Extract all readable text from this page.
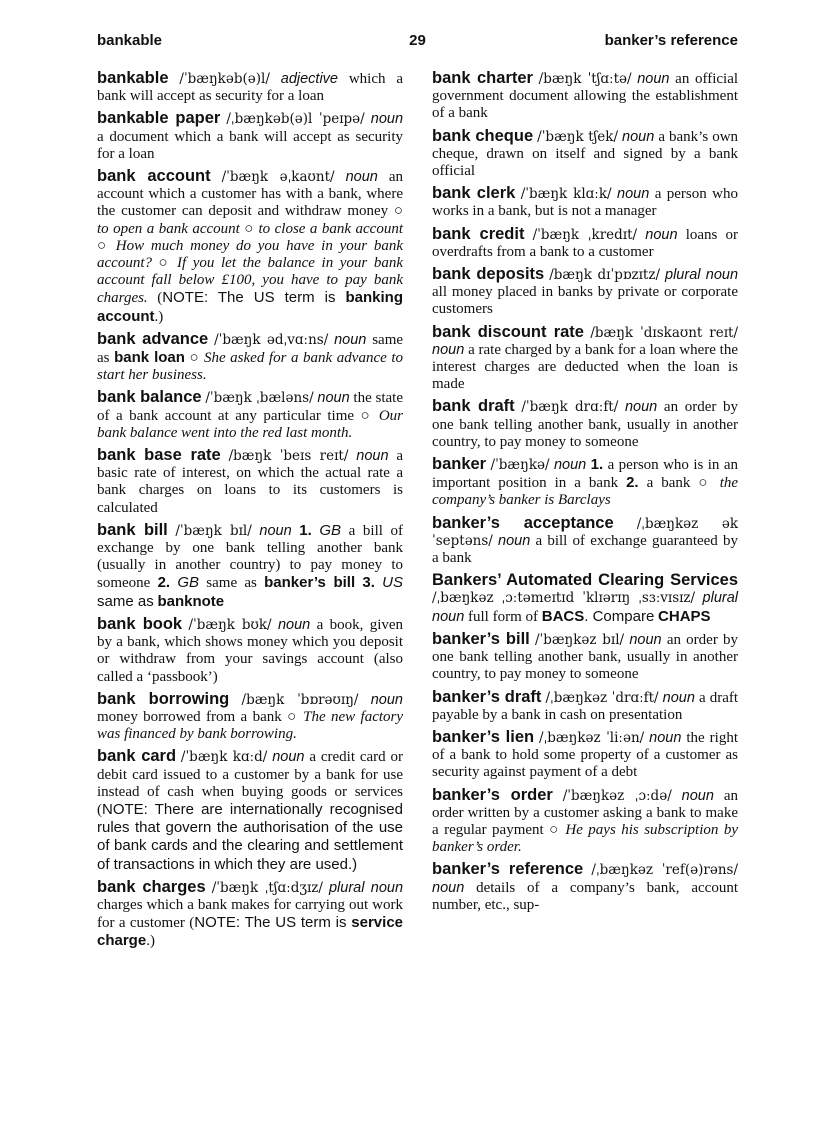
29
bankable	banker’s reference

bankable /ˈbæŋkəb(ə)l/ adjective which a bank will accept as security for a loan

bankable paper /ˌbæŋkəb(ə)l ˈpeɪpə/ noun a document which a bank will accept as security for a loan

bank account /ˈbæŋk əˌkaʊnt/ noun an account which a customer has with a bank, where the customer can deposit and withdraw money ○ to open a bank account ○ to close a bank account ○ How much money do you have in your bank account? ○ If you let the balance in your bank account fall below £100, you have to pay bank charges. (NOTE: The US term is banking account.)

bank advance /ˈbæŋk ədˌvɑːns/ noun same as bank loan ○ She asked for a bank advance to start her business.

bank balance /ˈbæŋk ˌbæləns/ noun the state of a bank account at any particular time ○ Our bank balance went into the red last month.

bank base rate /bæŋk ˈbeɪs reɪt/ noun a basic rate of interest, on which the actual rate a bank charges on loans to its customers is calculated

bank bill /ˈbæŋk bɪl/ noun 1. GB a bill of exchange by one bank telling another bank (usually in another country) to pay money to someone 2. GB same as banker’s bill 3. US same as banknote

bank book /ˈbæŋk bʊk/ noun a book, given by a bank, which shows money which you deposit or withdraw from your savings account (also called a ‘passbook’)

bank borrowing /bæŋk ˈbɒrəʊɪŋ/ noun money borrowed from a bank ○ The new factory was financed by bank borrowing.

bank card /ˈbæŋk kɑːd/ noun a credit card or debit card issued to a customer by a bank for use instead of cash when buying goods or services (NOTE: There are internationally recognised rules that govern the authorisation of the use of bank cards and the clearing and settlement of transactions in which they are used.)

bank charges /ˈbæŋk ˌtʃɑːdʒɪz/ plural noun charges which a bank makes for carrying out work for a customer (NOTE: The US term is service charge.)

bank charter /bæŋk ˈtʃɑːtə/ noun an official government document allowing the establishment of a bank

bank cheque /ˈbæŋk tʃek/ noun a bank’s own cheque, drawn on itself and signed by a bank official

bank clerk /ˈbæŋk klɑːk/ noun a person who works in a bank, but is not a manager

bank credit /ˈbæŋk ˌkredɪt/ noun loans or overdrafts from a bank to a customer

bank deposits /bæŋk dɪˈpɒzɪtz/ plural noun all money placed in banks by private or corporate customers

bank discount rate /bæŋk ˈdɪskaʊnt reɪt/ noun a rate charged by a bank for a loan where the interest charges are deducted when the loan is made

bank draft /ˈbæŋk drɑːft/ noun an order by one bank telling another bank, usually in another country, to pay money to someone

banker /ˈbæŋkə/ noun 1. a person who is in an important position in a bank 2. a bank ○ the company’s banker is Barclays

banker’s acceptance /ˌbæŋkəz əkˈseptəns/ noun a bill of exchange guaranteed by a bank

Bankers’ Automated Clearing Services /ˌbæŋkəz ˌɔːtəmeɪtɪd ˈklɪərɪŋ ˌsɜːvɪsɪz/ plural noun full form of BACS. Compare CHAPS

banker’s bill /ˈbæŋkəz bɪl/ noun an order by one bank telling another bank, usually in another country, to pay money to someone

banker’s draft /ˌbæŋkəz ˈdrɑːft/ noun a draft payable by a bank in cash on presentation

banker’s lien /ˌbæŋkəz ˈliːən/ noun the right of a bank to hold some property of a customer as security against payment of a debt

banker’s order /ˈbæŋkəz ˌɔːdə/ noun an order written by a customer asking a bank to make a regular payment ○ He pays his subscription by banker’s order.

banker’s reference /ˌbæŋkəz ˈref(ə)rəns/ noun details of a company’s bank, account number, etc., sup-
